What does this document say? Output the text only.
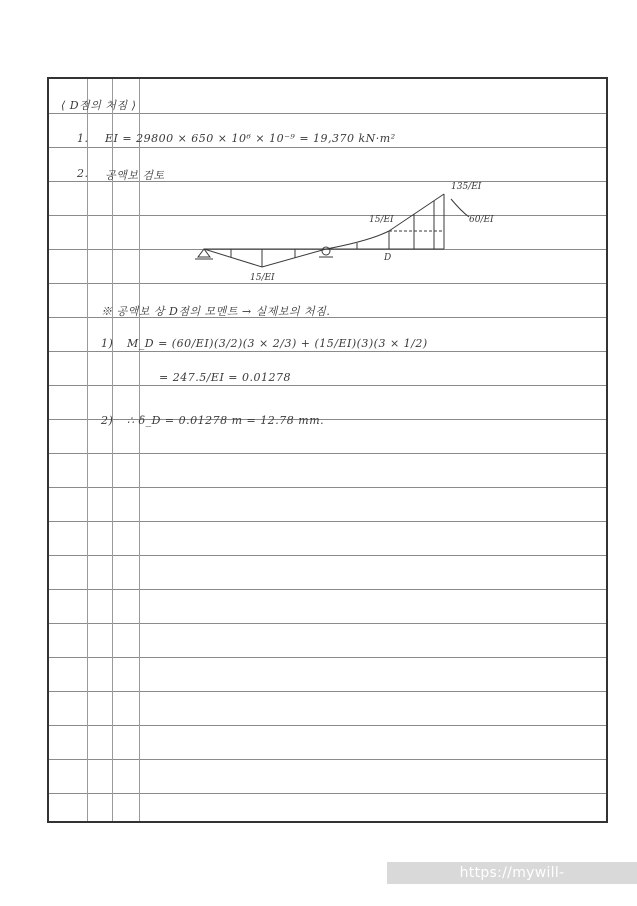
⟨ D점의 처짐 ⟩
1. EI = 29800 × 650 × 10⁶ × 10⁻⁹ = 19,370 kN·m²
2. 공액보 검토
15/EI
135/EI
60/EI
15/EI
D
※ 공액보 상 D점의 모멘트 → 실제보의 처짐.
1) M_D = (60/EI)(3/2)(3 × 2/3) + (15/EI)(3)(3 × 1/2)
= 247.5/EI = 0.01278
2) ∴ δ_D = 0.01278 m = 12.78 mm.
https://mywill-engineer.tistory.com
